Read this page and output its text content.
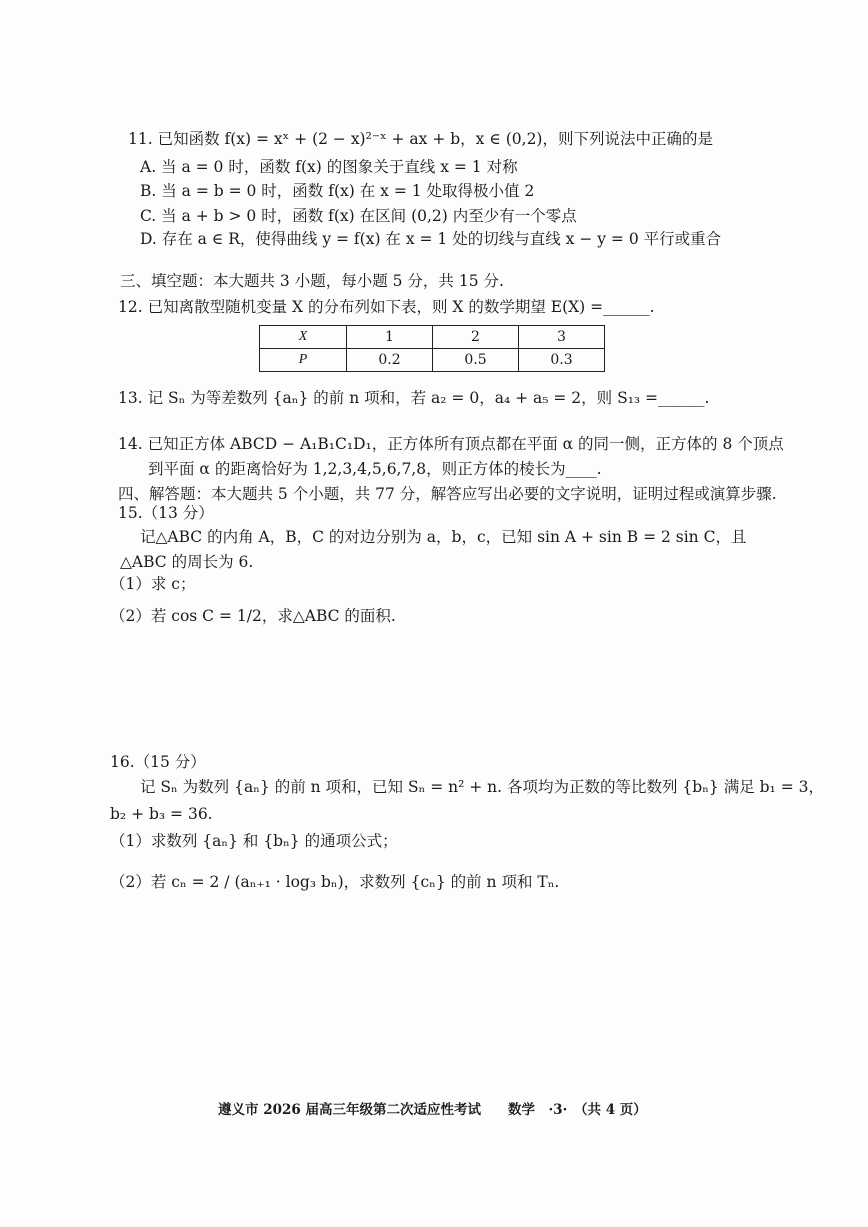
11. 已知函数 f(x) = xˣ + (2 − x)²⁻ˣ + ax + b，x ∈ (0,2)，则下列说法中正确的是
A. 当 a = 0 时，函数 f(x) 的图象关于直线 x = 1 对称
B. 当 a = b = 0 时，函数 f(x) 在 x = 1 处取得极小值 2
C. 当 a + b > 0 时，函数 f(x) 在区间 (0,2) 内至少有一个零点
D. 存在 a ∈ R，使得曲线 y = f(x) 在 x = 1 处的切线与直线 x − y = 0 平行或重合
三、填空题：本大题共 3 小题，每小题 5 分，共 15 分.
12. 已知离散型随机变量 X 的分布列如下表，则 X 的数学期望 E(X) =______.
X	1	2	3
P	0.2	0.5	0.3
13. 记 Sₙ 为等差数列 {aₙ} 的前 n 项和，若 a₂ = 0，a₄ + a₅ = 2，则 S₁₃ =______.
14. 已知正方体 ABCD − A₁B₁C₁D₁，正方体所有顶点都在平面 α 的同一侧，正方体的 8 个顶点
到平面 α 的距离恰好为 1,2,3,4,5,6,7,8，则正方体的棱长为____.
四、解答题：本大题共 5 个小题，共 77 分，解答应写出必要的文字说明，证明过程或演算步骤.
15.（13 分）
记△ABC 的内角 A，B，C 的对边分别为 a，b，c，已知 sin A + sin B = 2 sin C，且
△ABC 的周长为 6.
（1）求 c；
（2）若 cos C = 1/2，求△ABC 的面积.
16.（15 分）
记 Sₙ 为数列 {aₙ} 的前 n 项和，已知 Sₙ = n² + n. 各项均为正数的等比数列 {bₙ} 满足 b₁ = 3，
b₂ + b₃ = 36.
（1）求数列 {aₙ} 和 {bₙ} 的通项公式；
（2）若 cₙ = 2 / (aₙ₊₁ · log₃ bₙ)，求数列 {cₙ} 的前 n 项和 Tₙ.
遵义市 2026 届高三年级第二次适应性考试　　数学　·3·　（共 4 页）
